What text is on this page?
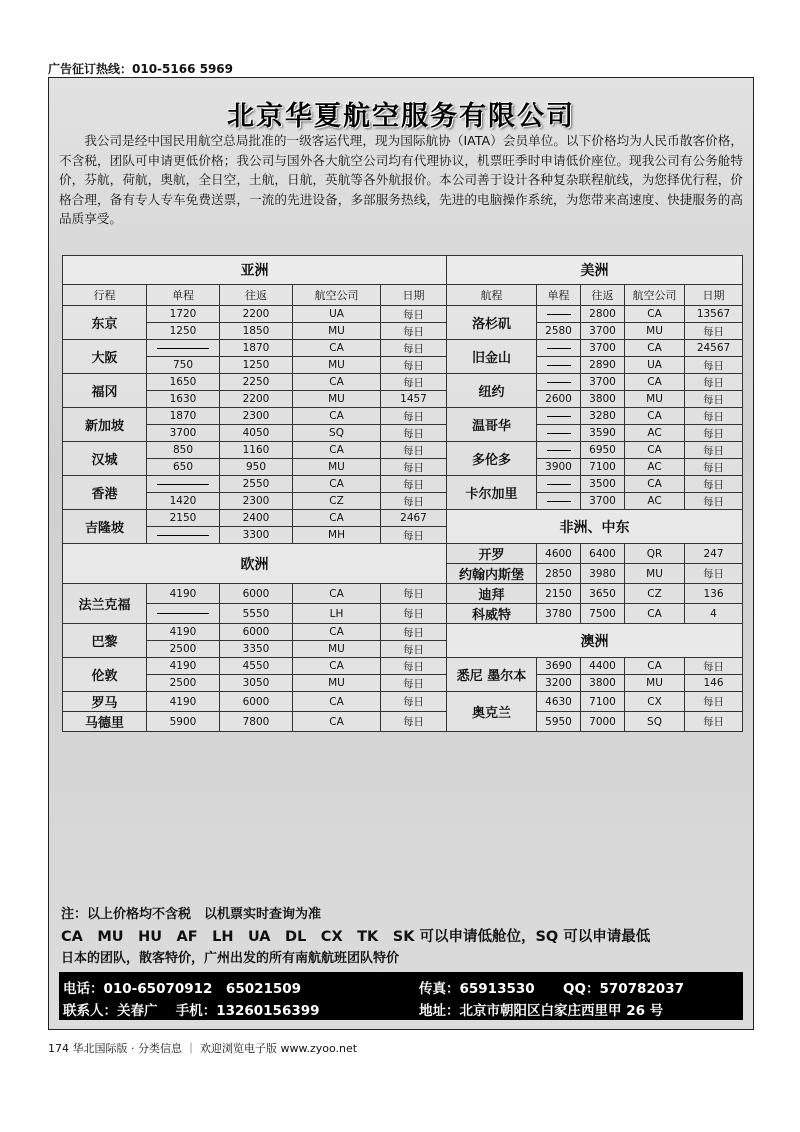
广告征订热线：010-5166 5969
北京华夏航空服务有限公司
我公司是经中国民用航空总局批准的一级客运代理，现为国际航协（IATA）会员单位。以下价格均为人民币散客价格，不含税，团队可申请更低价格；我公司与国外各大航空公司均有代理协议，机票旺季时申请低价座位。现我公司有公务舱特价，芬航，荷航，奥航，全日空，土航，日航，英航等各外航报价。本公司善于设计各种复杂联程航线，为您择优行程，价格合理，备有专人专车免费送票，一流的先进设备，多部服务热线，先进的电脑操作系统，为您带来高速度、快捷服务的高品质享受。
亚洲					美洲				
行程	单程	往返	航空公司	日期	航程	单程	往返	航空公司	日期
东京	1720	2200	UA	每日	洛杉矶		2800	CA	13567
	1250	1850	MU	每日		2580	3700	MU	每日
大阪		1870	CA	每日	旧金山		3700	CA	24567
	750	1250	MU	每日			2890	UA	每日
福冈	1650	2250	CA	每日	纽约		3700	CA	每日
	1630	2200	MU	1457		2600	3800	MU	每日
新加坡	1870	2300	CA	每日	温哥华		3280	CA	每日
	3700	4050	SQ	每日			3590	AC	每日
汉城	850	1160	CA	每日	多伦多		6950	CA	每日
	650	950	MU	每日		3900	7100	AC	每日
香港		2550	CA	每日	卡尔加里		3500	CA	每日
	1420	2300	CZ	每日			3700	AC	每日
吉隆坡	2150	2400	CA	2467	非洲、中东				
		3300	MH	每日					
欧洲					开罗	4600	6400	QR	247
					约翰内斯堡	2850	3980	MU	每日
法兰克福	4190	6000	CA	每日	迪拜	2150	3650	CZ	136
		5550	LH	每日	科威特	3780	7500	CA	4
巴黎	4190	6000	CA	每日	澳洲				
	2500	3350	MU	每日					
伦敦	4190	4550	CA	每日	悉尼 墨尔本	3690	4400	CA	每日
	2500	3050	MU	每日		3200	3800	MU	146
罗马	4190	6000	CA	每日	奥克兰	4630	7100	CX	每日
马德里	5900	7800	CA	每日		5950	7000	SQ	每日
注：以上价格均不含税　以机票实时查询为准
CA　MU　HU　AF　LH　UA　DL　CX　TK　SK 可以申请低舱位，SQ 可以申请最低
日本的团队，散客特价，广州出发的所有南航航班团队特价
电话：010-65070912　65021509	传真：65913530 QQ：570782037
联系人：关春广　 手机：13260156399	地址：北京市朝阳区白家庄西里甲 26 号
174 华北国际版 · 分类信息 ｜ 欢迎浏览电子版 www.zyoo.net
